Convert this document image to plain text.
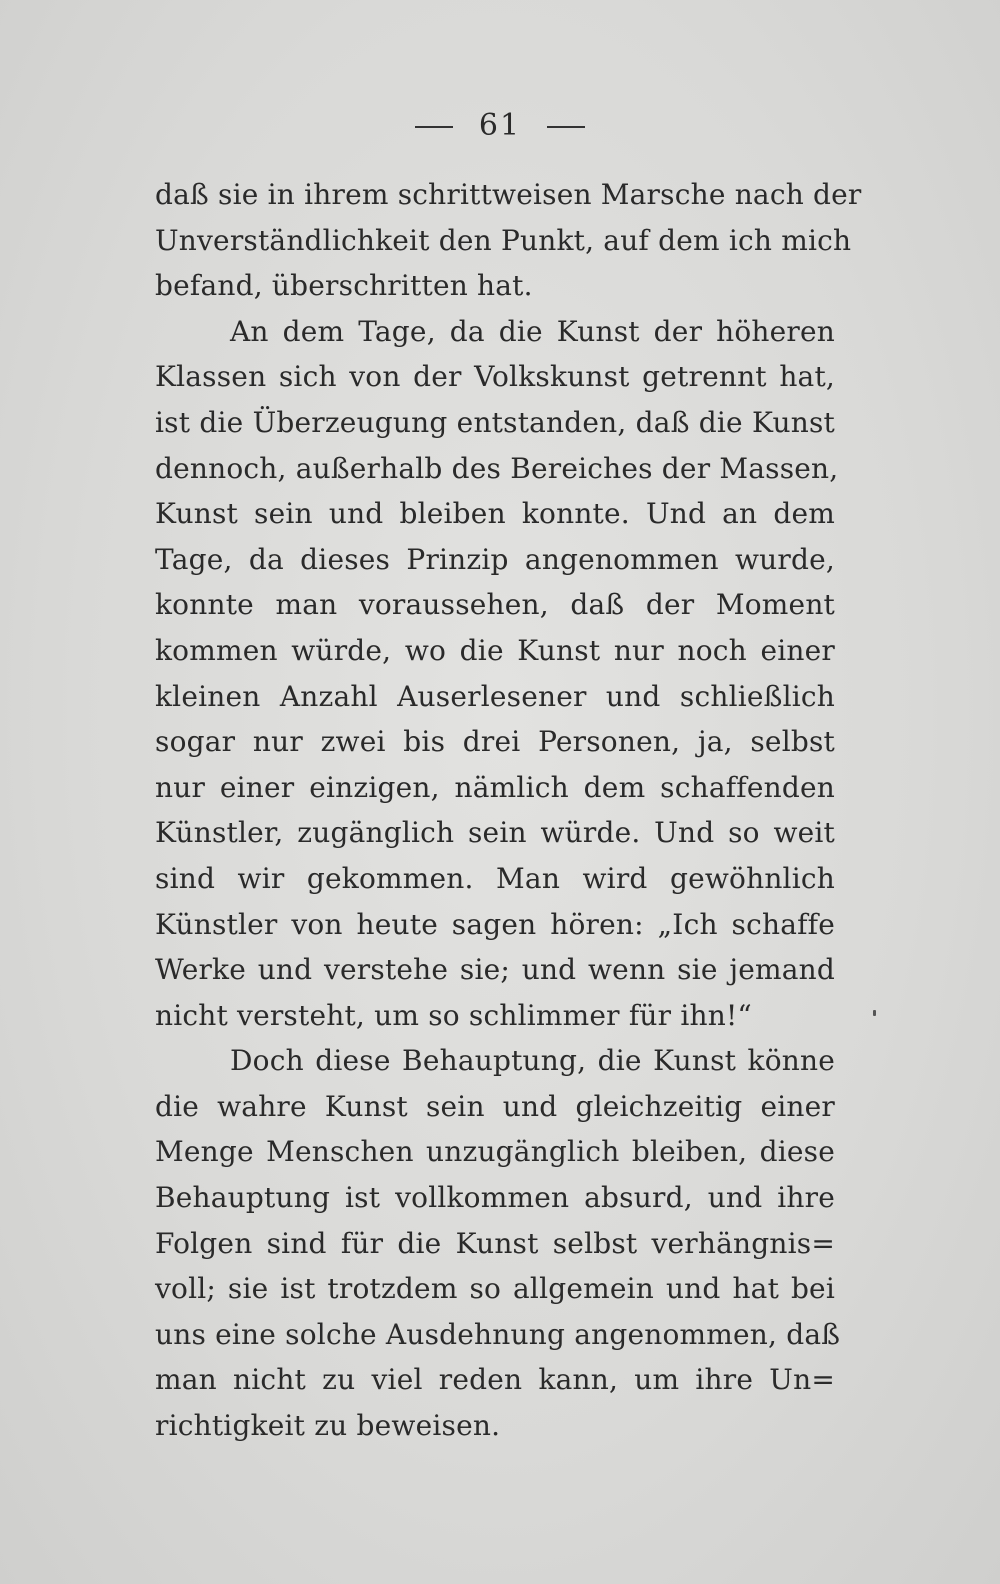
61
daß sie in ihrem schrittweisen Marsche nach der
Unverständlichkeit den Punkt, auf dem ich mich
befand, überschritten hat.
An dem Tage, da die Kunst der höheren
Klassen sich von der Volkskunst getrennt hat,
ist die Überzeugung entstanden, daß die Kunst
dennoch, außerhalb des Bereiches der Massen,
Kunst sein und bleiben konnte. Und an dem
Tage, da dieses Prinzip angenommen wurde,
konnte man voraussehen, daß der Moment
kommen würde, wo die Kunst nur noch einer
kleinen Anzahl Auserlesener und schließlich
sogar nur zwei bis drei Personen, ja, selbst
nur einer einzigen, nämlich dem schaffenden
Künstler, zugänglich sein würde. Und so weit
sind wir gekommen. Man wird gewöhnlich
Künstler von heute sagen hören: „Ich schaffe
Werke und verstehe sie; und wenn sie jemand
nicht versteht, um so schlimmer für ihn!“
Doch diese Behauptung, die Kunst könne
die wahre Kunst sein und gleichzeitig einer
Menge Menschen unzugänglich bleiben, diese
Behauptung ist vollkommen absurd, und ihre
Folgen sind für die Kunst selbst verhängnis=
voll; sie ist trotzdem so allgemein und hat bei
uns eine solche Ausdehnung angenommen, daß
man nicht zu viel reden kann, um ihre Un=
richtigkeit zu beweisen.
